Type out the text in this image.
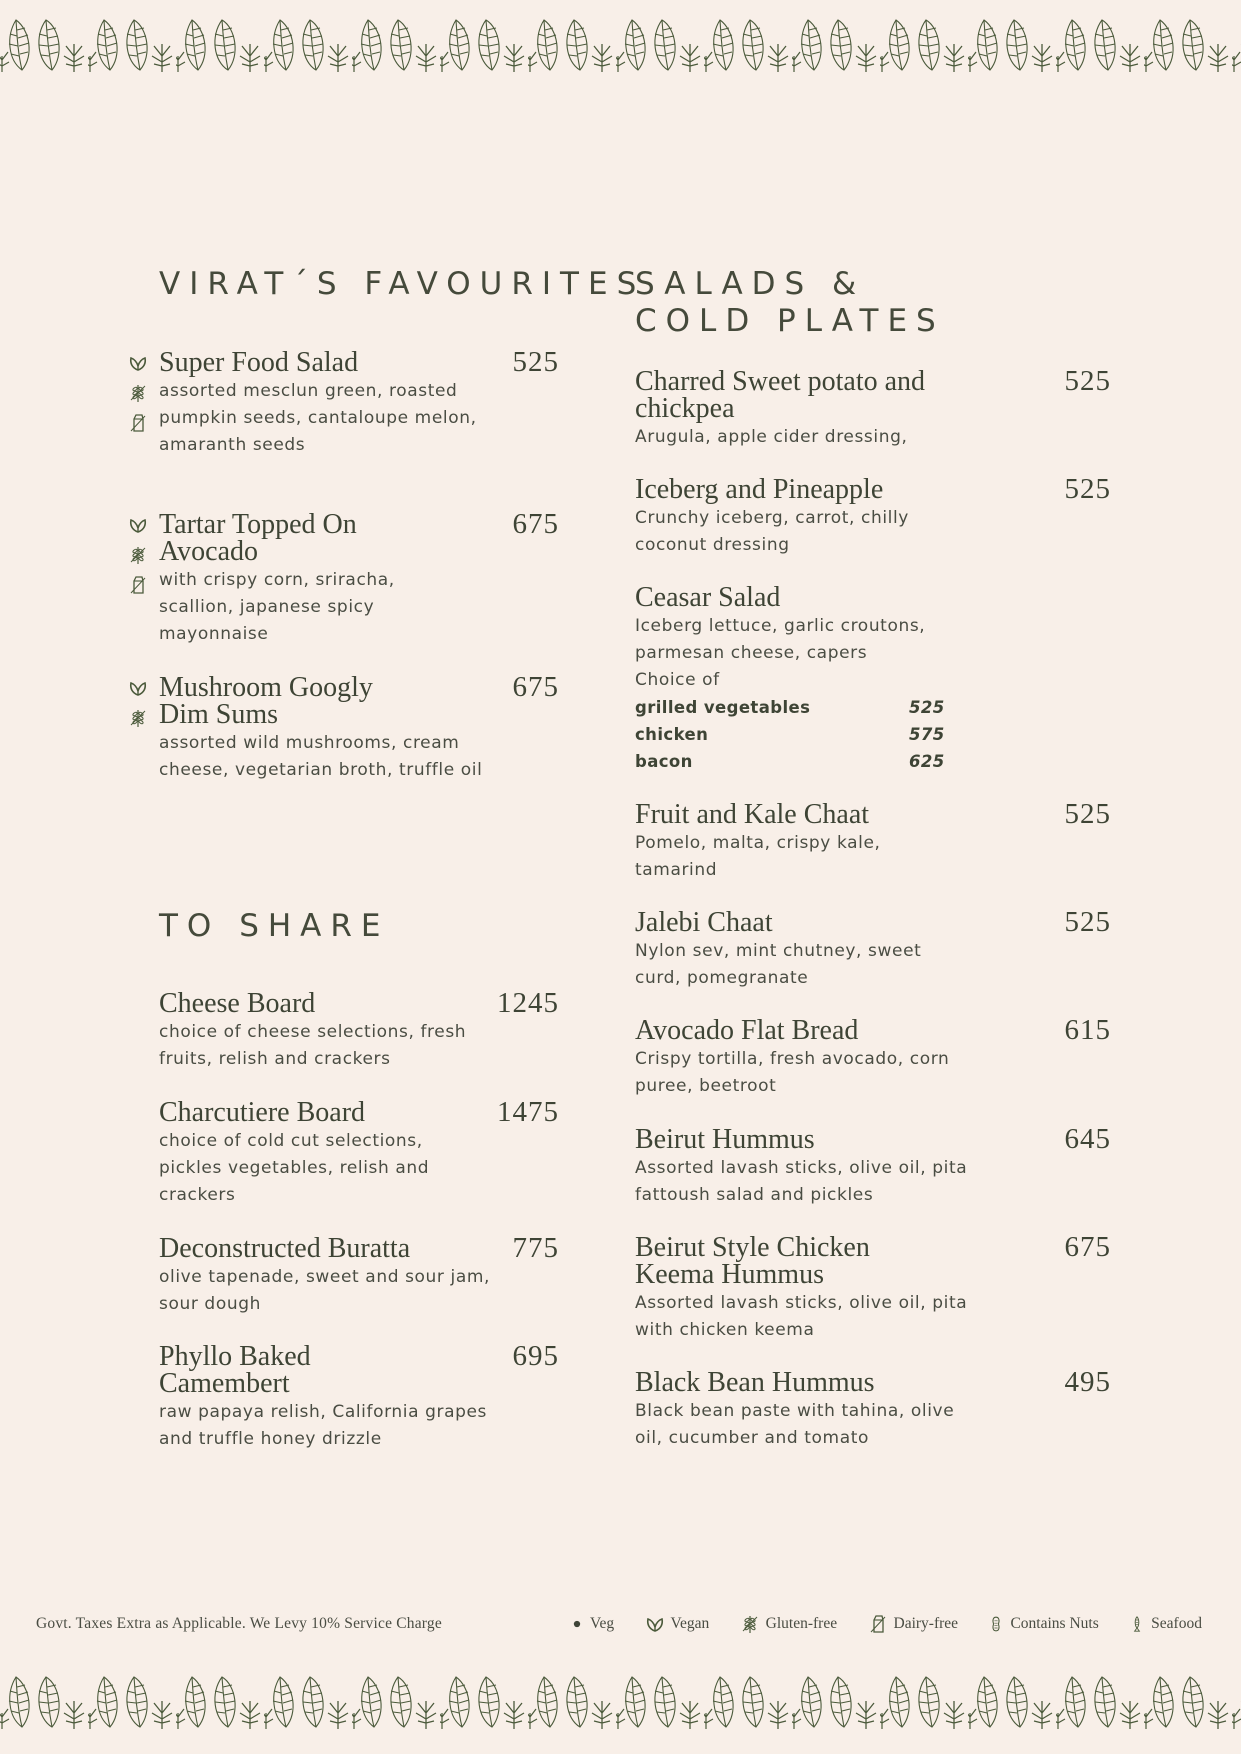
VIRAT´S FAVOURITES
Super Food Salad	525
assorted mesclun green, roasted pumpkin seeds, cantaloupe melon, amaranth seeds
Tartar Topped On Avocado
675
with crispy corn, sriracha, scallion, japanese spicy mayonnaise
Mushroom Googly Dim Sums
675
assorted wild mushrooms, cream cheese, vegetarian broth, truffle oil
TO SHARE
Cheese Board	1245
choice of cheese selections, fresh fruits, relish and crackers
Charcutiere Board	1475
choice of cold cut selections, pickles vegetables, relish and crackers
Deconstructed Buratta	775
olive tapenade, sweet and sour jam, sour dough
Phyllo Baked Camembert
695
raw papaya relish, California grapes and truffle honey drizzle
SALADS &
COLD PLATES
Charred Sweet potato and chickpea
525
Arugula, apple cider dressing,
Iceberg and Pineapple	525
Crunchy iceberg, carrot, chilly coconut dressing
Ceasar Salad
Iceberg lettuce, garlic croutons, parmesan cheese, capers
Choice of
grilled vegetables	525
chicken	575
bacon	625
Fruit and Kale Chaat	525
Pomelo, malta, crispy kale, tamarind
Jalebi Chaat	525
Nylon sev, mint chutney, sweet curd, pomegranate
Avocado Flat Bread	615
Crispy tortilla, fresh avocado, corn puree, beetroot
Beirut Hummus	645
Assorted lavash sticks, olive oil, pita fattoush salad and pickles
Beirut Style Chicken Keema Hummus
675
Assorted lavash sticks, olive oil, pita with chicken keema
Black Bean Hummus	495
Black bean paste with tahina, olive oil, cucumber and tomato
Govt. Taxes Extra as Applicable. We Levy 10% Service Charge	Veg	Vegan	Gluten-free	Dairy-free	Contains Nuts	Seafood
